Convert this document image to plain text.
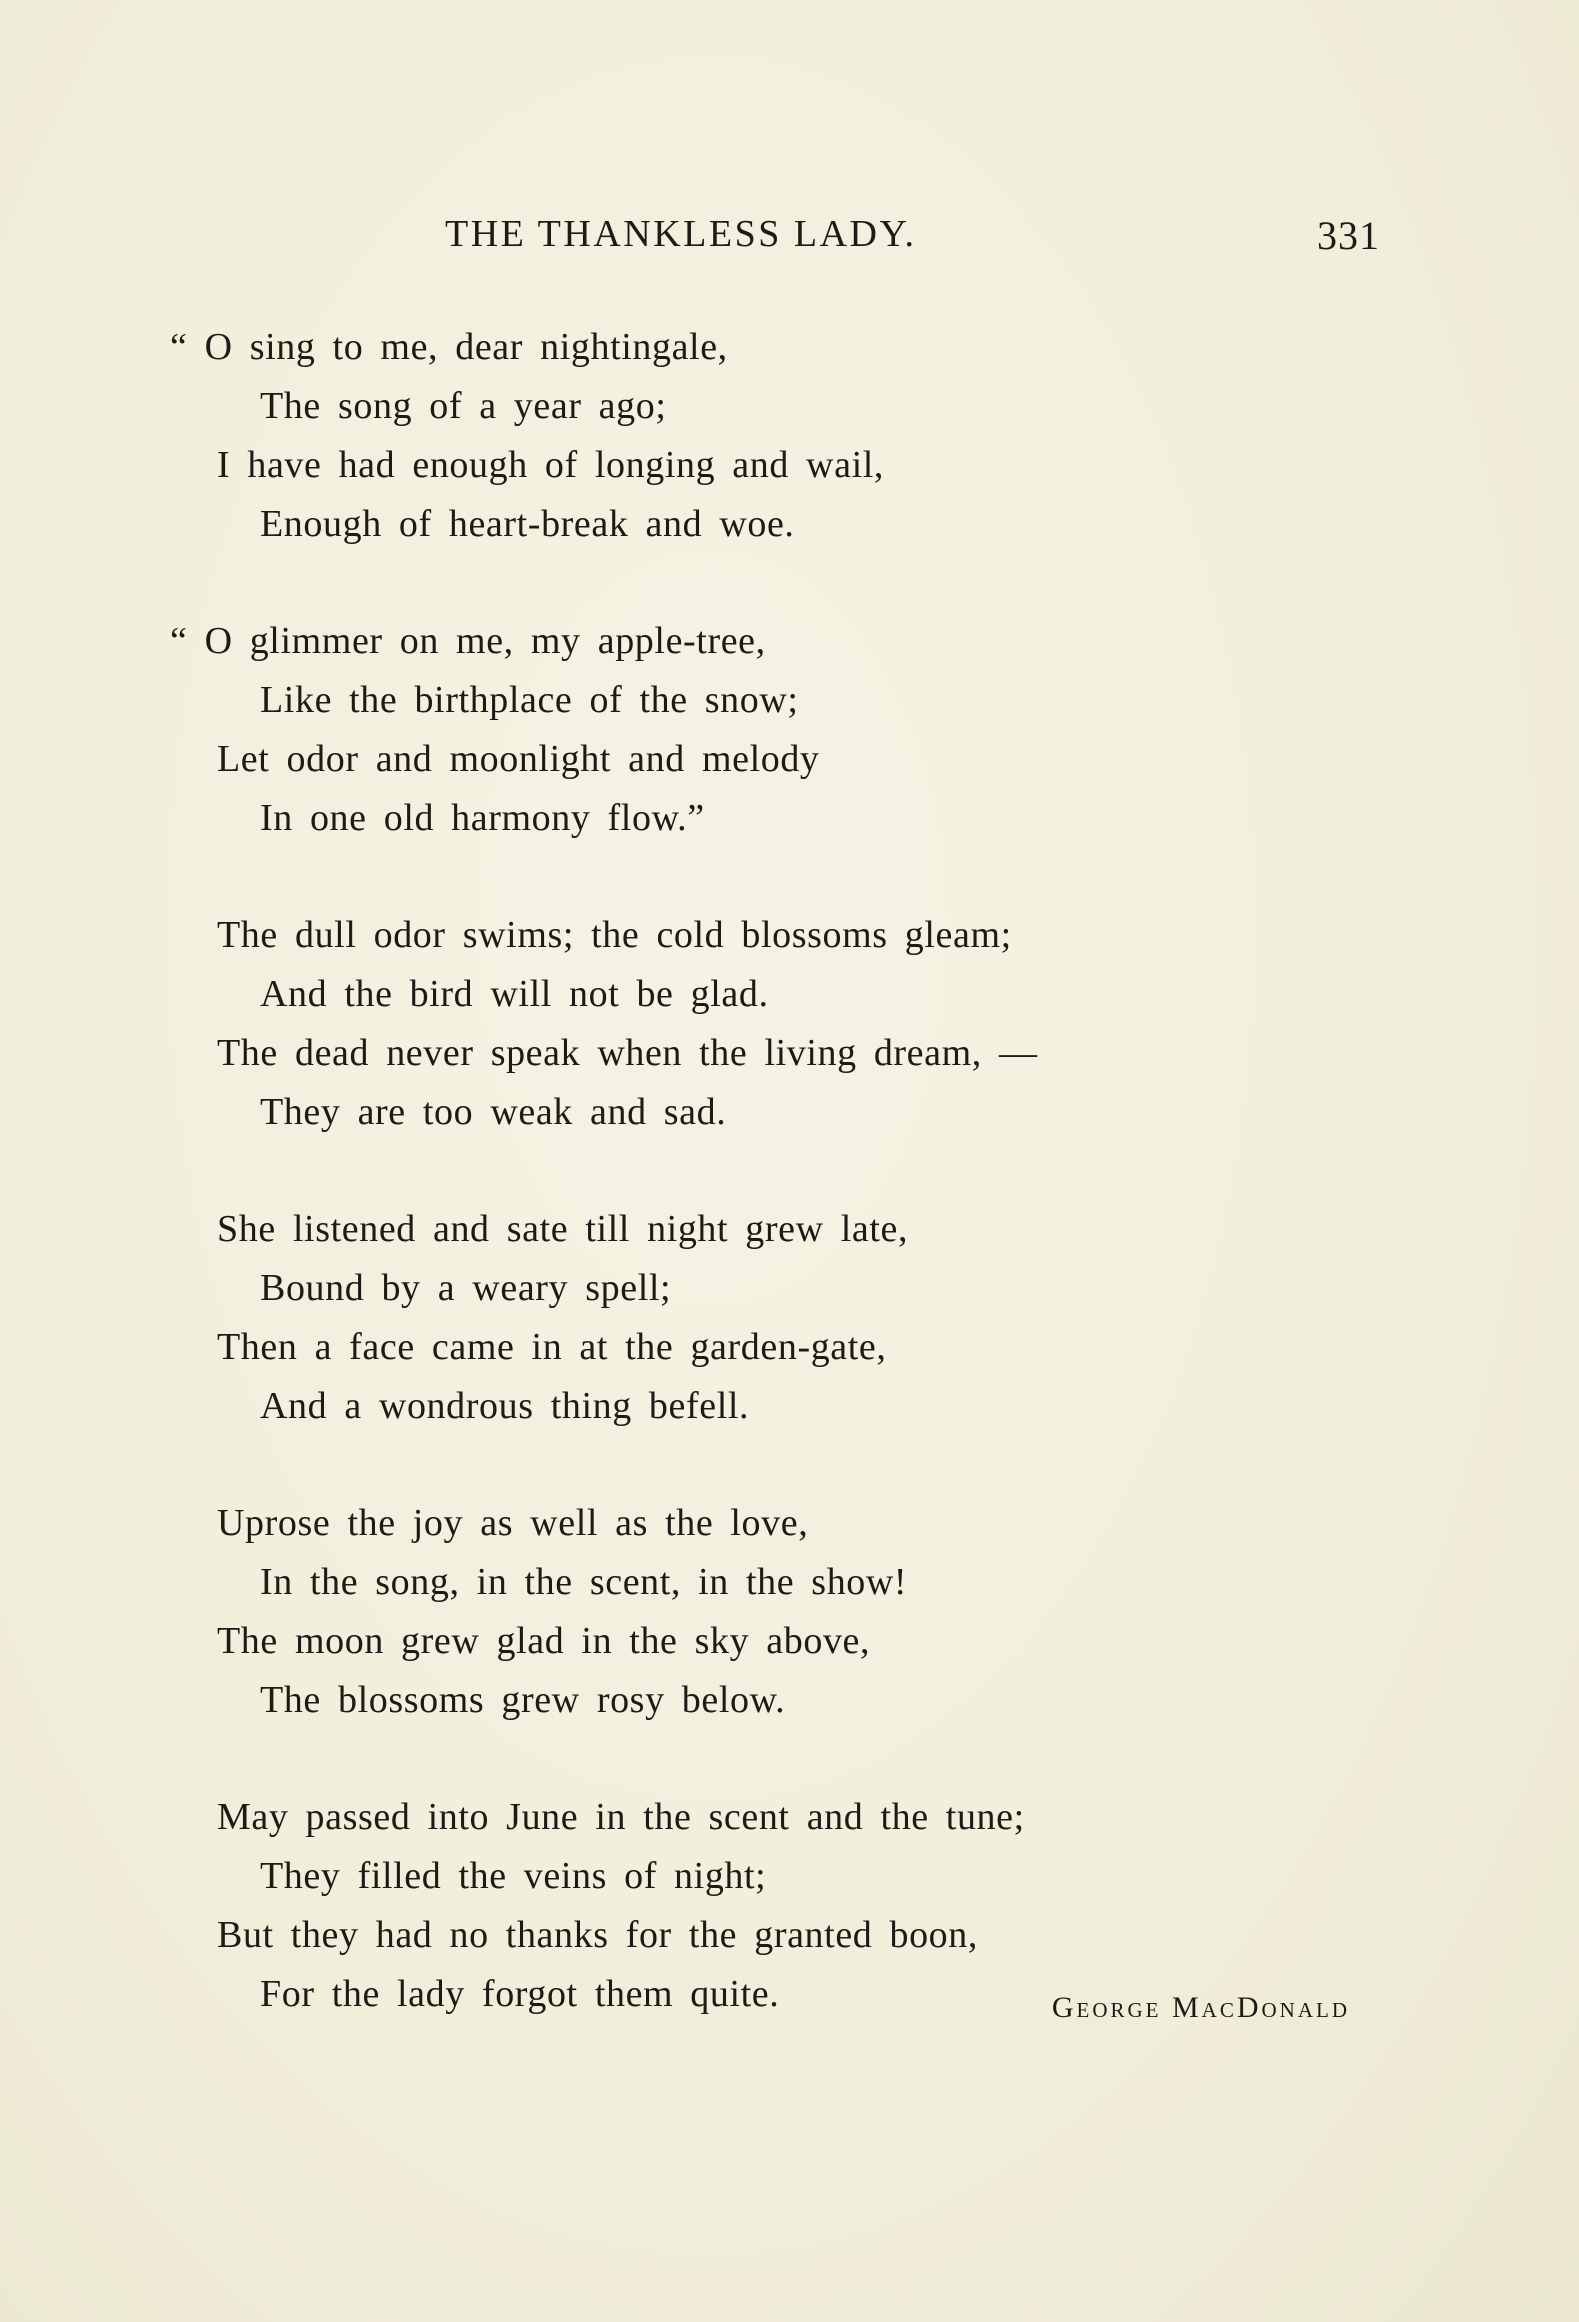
THE THANKLESS LADY.	331
“ O sing to me, dear nightingale,
The song of a year ago;
I have had enough of longing and wail,
Enough of heart-break and woe.
“ O glimmer on me, my apple-tree,
Like the birthplace of the snow;
Let odor and moonlight and melody
In one old harmony flow.”
The dull odor swims; the cold blossoms gleam;
And the bird will not be glad.
The dead never speak when the living dream, —
They are too weak and sad.
She listened and sate till night grew late,
Bound by a weary spell;
Then a face came in at the garden-gate,
And a wondrous thing befell.
Uprose the joy as well as the love,
In the song, in the scent, in the show!
The moon grew glad in the sky above,
The blossoms grew rosy below.
May passed into June in the scent and the tune;
They filled the veins of night;
But they had no thanks for the granted boon,
For the lady forgot them quite.	George MacDonald
